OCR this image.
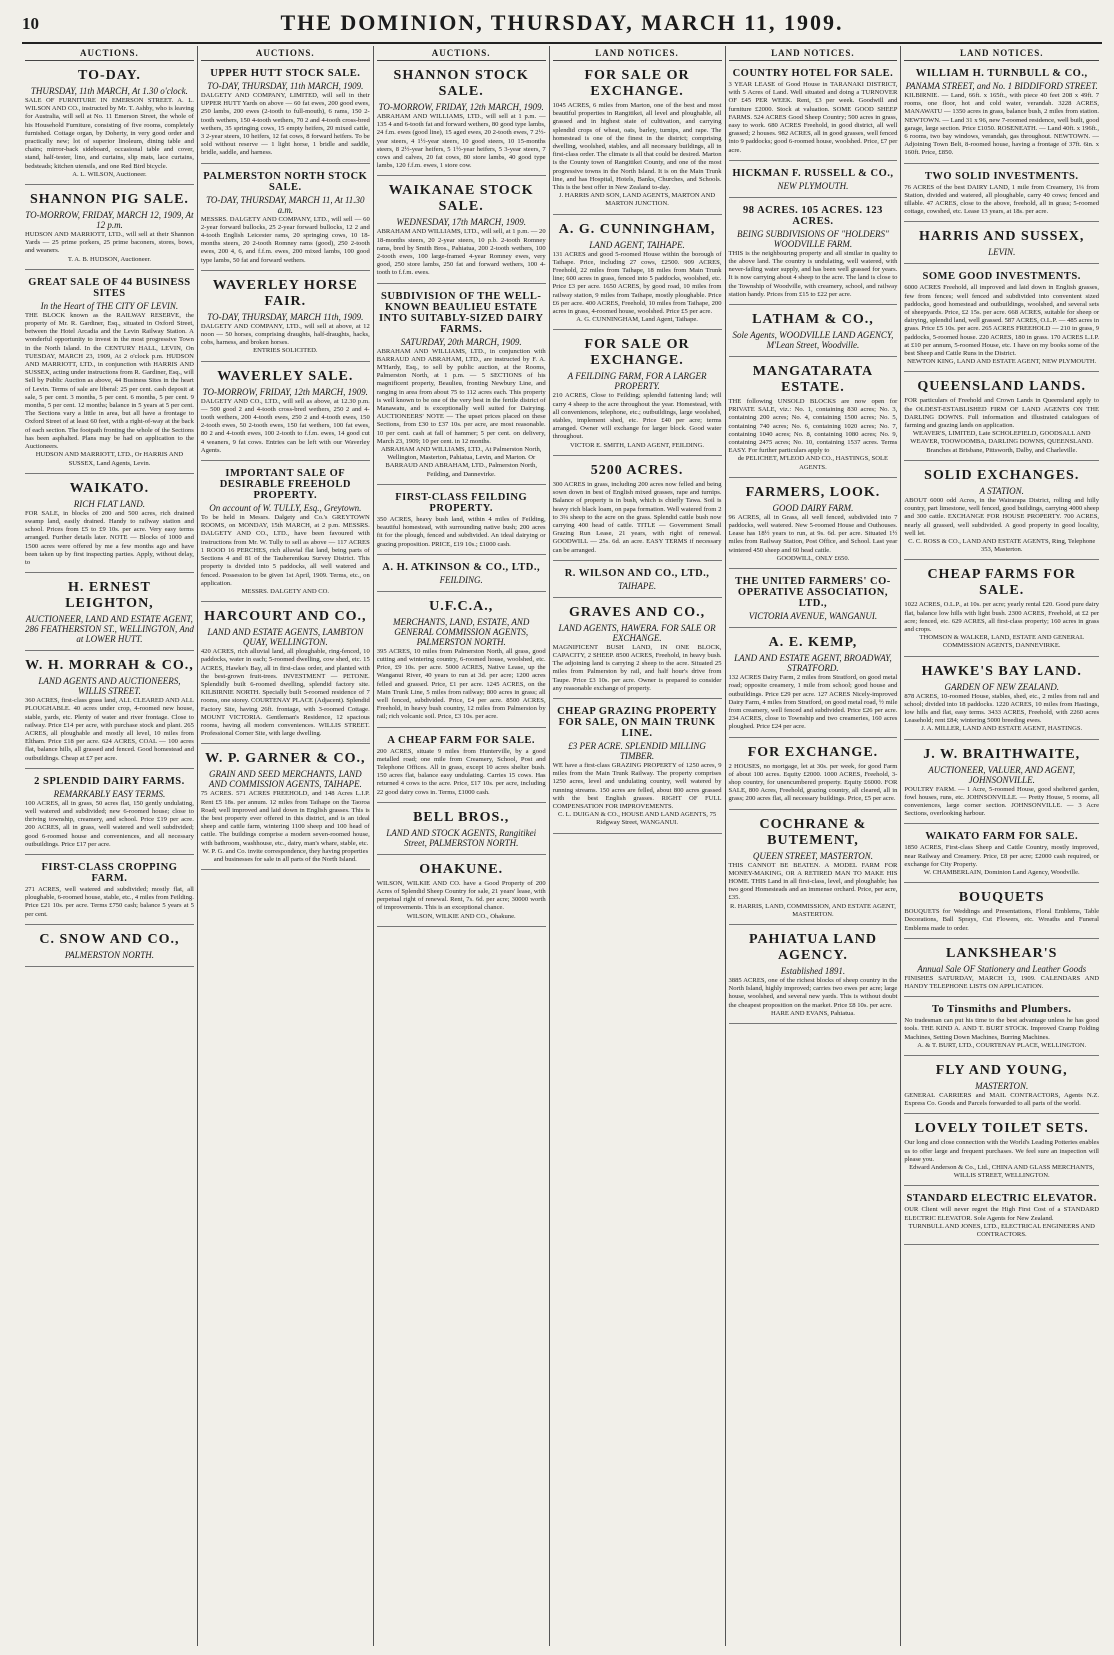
10	THE DOMINION, THURSDAY, MARCH 11, 1909.
AUCTIONS.
TO-DAY.
THURSDAY, 11th MARCH, At 1.30 o'clock.

SALE OF FURNITURE IN EMERSON STREET. A. L. WILSON AND CO., instructed by Mr. T. Ashby, who is leaving for Australia, will sell at No. 11 Emerson Street, the whole of his Household Furniture, consisting of five rooms, completely furnished. Cottage organ, by Doherty, in very good order and practically new; lot of superior linoleum, dining table and chairs; mirror-back sideboard, occasional table and cover, stand, half-tester, lino, and curtains, slip mats, lace curtains, bedsteads; kitchen utensils, and one Red Bird bicycle.

A. L. WILSON, Auctioneer.

SHANNON PIG SALE.
TO-MORROW, FRIDAY, MARCH 12, 1909, At 12 p.m.

HUDSON AND MARRIOTT, LTD., will sell at their Shannon Yards — 25 prime porkers, 25 prime baconers, stores, bows, and weaners.

T. A. B. HUDSON, Auctioneer.

GREAT SALE OF 44 BUSINESS SITES
In the Heart of THE CITY OF LEVIN.

THE BLOCK known as the RAILWAY RESERVE, the property of Mr. R. Gardiner, Esq., situated in Oxford Street, between the Hotel Arcadia and the Levin Railway Station. A wonderful opportunity to invest in the most progressive Town in the North Island. In the CENTURY HALL, LEVIN, On TUESDAY, MARCH 23, 1909, At 2 o'clock p.m. HUDSON AND MARRIOTT, LTD., in conjunction with HARRIS AND SUSSEX, acting under instructions from R. Gardiner, Esq., will Sell by Public Auction as above, 44 Business Sites in the heart of Levin. Terms of sale are liberal: 25 per cent. cash deposit at sale, 5 per cent. 3 months, 5 per cent. 6 months, 5 per cent. 9 months, 5 per cent. 12 months; balance in 5 years at 5 per cent. The Sections vary a little in area, but all have a frontage to Oxford Street of at least 60 feet, with a right-of-way at the back of each section. The footpath fronting the whole of the Sections has been asphalted. Plans may be had on application to the Auctioneers.

HUDSON AND MARRIOTT, LTD., Or HARRIS AND SUSSEX, Land Agents, Levin.

WAIKATO.
RICH FLAT LAND.

FOR SALE, in blocks of 200 and 500 acres, rich drained swamp land, easily drained. Handy to railway station and school. Prices from £5 to £9 10s. per acre. Very easy terms arranged. Further details later. NOTE — Blocks of 1000 and 1500 acres were offered by me a few months ago and have been taken up by first inspecting parties. Apply, without delay, to

H. ERNEST LEIGHTON,
AUCTIONEER, LAND AND ESTATE AGENT, 286 FEATHERSTON ST., WELLINGTON, And at LOWER HUTT.
W. H. MORRAH & CO.,
LAND AGENTS AND AUCTIONEERS, WILLIS STREET.

360 ACRES, first-class grass land, ALL CLEARED AND ALL PLOUGHABLE. 40 acres under crop, 4-roomed new house, stable, yards, etc. Plenty of water and river frontage. Close to railway. Price £14 per acre, with purchase stock and plant. 265 ACRES, all ploughable and mostly all level, 10 miles from Eltham. Price £18 per acre. 624 ACRES, COAL — 100 acres flat, balance hills, all grassed and fenced. Good homestead and outbuildings. Cheap at £7 per acre.

2 SPLENDID DAIRY FARMS.
REMARKABLY EASY TERMS.

100 ACRES, all in grass, 50 acres flat, 150 gently undulating, well watered and subdivided; new 6-roomed house; close to thriving township, creamery, and school. Price £19 per acre. 200 ACRES, all in grass, well watered and well subdivided; good 6-roomed house and conveniences, and all necessary outbuildings. Price £17 per acre.

FIRST-CLASS CROPPING FARM.

271 ACRES, well watered and subdivided; mostly flat, all ploughable, 6-roomed house, stable, etc., 4 miles from Feilding. Price £21 10s. per acre. Terms £750 cash; balance 5 years at 5 per cent.

C. SNOW AND CO.,
PALMERSTON NORTH.
AUCTIONS.
UPPER HUTT STOCK SALE.
TO-DAY, THURSDAY, 11th MARCH, 1909.

DALGETY AND COMPANY, LIMITED, will sell in their UPPER HUTT Yards on above — 60 fat ewes, 200 good ewes, 250 lambs, 200 ewes (2-tooth to full-mouth), 6 rams, 150 2-tooth wethers, 150 4-tooth wethers, 70 2 and 4-tooth cross-bred wethers, 35 springing cows, 15 empty heifers, 20 mixed cattle, 3 2-year steers, 10 heifers, 12 fat cows, 8 forward heifers. To be sold without reserve — 1 light horse, 1 bridle and saddle, bridle, saddle, and harness.

PALMERSTON NORTH STOCK SALE.
TO-DAY, THURSDAY, MARCH 11, At 11.30 a.m.

MESSRS. DALGETY AND COMPANY, LTD., will sell — 60 2-year forward bullocks, 25 2-year forward bullocks, 12 2 and 4-tooth English Leicester rams, 20 springing cows, 10 18-months steers, 20 2-tooth Romney rams (good), 250 2-tooth ewes, 200 4, 6, and f.f.m. ewes, 200 mixed lambs, 100 good type lambs, 50 fat and forward wethers.

WAVERLEY HORSE FAIR.
TO-DAY, THURSDAY, MARCH 11th, 1909.

DALGETY AND COMPANY, LTD., will sell at above, at 12 noon — 50 horses, comprising draughts, half-draughts, hacks, cobs, harness, and broken horses.

ENTRIES SOLICITED.

WAVERLEY SALE.
TO-MORROW, FRIDAY, 12th MARCH, 1909.

DALGETY AND CO., LTD., will sell as above, at 12.30 p.m. — 500 good 2 and 4-tooth cross-bred wethers, 250 2 and 4-tooth wethers, 200 4-tooth ewes, 250 2 and 4-tooth ewes, 150 2-tooth ewes, 50 2-tooth ewes, 150 fat wethers, 100 fat ewes, 80 2 and 4-tooth ewes, 100 2-tooth to f.f.m. ewes, 14 good cut 4 weaners, 9 fat cows. Entries can be left with our Waverley Agents.

IMPORTANT SALE OF DESIRABLE FREEHOLD PROPERTY.
On account of W. TULLY, Esq., Greytown.

To be held in Messrs. Dalgety and Co.'s GREYTOWN ROOMS, on MONDAY, 15th MARCH, at 2 p.m. MESSRS. DALGETY AND CO., LTD., have been favoured with instructions from Mr. W. Tully to sell as above — 117 ACRES 1 ROOD 16 PERCHES, rich alluvial flat land, being parts of Sections 4 and 81 of the Tauherenikau Survey District. This property is divided into 5 paddocks, all well watered and fenced. Possession to be given 1st April, 1909. Terms, etc., on application.

MESSRS. DALGETY AND CO.

HARCOURT AND CO.,
LAND AND ESTATE AGENTS, LAMBTON QUAY, WELLINGTON.

420 ACRES, rich alluvial land, all ploughable, ring-fenced, 10 paddocks, water in each; 5-roomed dwelling, cow shed, etc. 15 ACRES, Hawke's Bay, all in first-class order, and planted with the best-grown fruit-trees. INVESTMENT — PETONE. Splendidly built 6-roomed dwelling, splendid factory site. KILBIRNIE NORTH. Specially built 5-roomed residence of 7 rooms, one storey. COURTENAY PLACE (Adjacent). Splendid Factory Site, having 26ft. frontage, with 3-roomed Cottage. MOUNT VICTORIA. Gentleman's Residence, 12 spacious rooms, having all modern conveniences. WILLIS STREET. Professional Corner Site, with large dwelling.

W. P. GARNER & CO.,
GRAIN AND SEED MERCHANTS, LAND AND COMMISSION AGENTS, TAIHAPE.

75 ACRES. 571 ACRES FREEHOLD, and 148 Acres L.I.P. Rent £5 18s. per annum. 12 miles from Taihape on the Taoroa Road; well improved and laid down in English grasses. This is the best property ever offered in this district, and is an ideal sheep and cattle farm, wintering 1100 sheep and 100 head of cattle. The buildings comprise a modern seven-roomed house, with bathroom, washhouse, etc., dairy, man's whare, stable, etc.

W. P. G. and Co. invite correspondence, they having properties and businesses for sale in all parts of the North Island.

AUCTIONS.
SHANNON STOCK SALE.
TO-MORROW, FRIDAY, 12th MARCH, 1909.

ABRAHAM AND WILLIAMS, LTD., will sell at 1 p.m. — 135 4 and 6-tooth fat and forward wethers, 80 good type lambs, 24 f.m. ewes (good line), 15 aged ewes, 20 2-tooth ewes, 7 2½-year steers, 4 1½-year steers, 10 good steers, 10 15-months steers, 8 2½-year heifers, 5 1½-year heifers, 5 3-year steers, 7 cows and calves, 20 fat cows, 80 store lambs, 40 good type lambs, 120 f.f.m. ewes, 1 store cow.

WAIKANAE STOCK SALE.
WEDNESDAY, 17th MARCH, 1909.

ABRAHAM AND WILLIAMS, LTD., will sell, at 1 p.m. — 20 18-months steers, 20 2-year steers, 10 p.b. 2-tooth Romney rams, bred by Smith Bros., Pahiatua, 200 2-tooth wethers, 100 2-tooth ewes, 100 large-framed 4-year Romney ewes, very good, 250 store lambs, 250 fat and forward wethers, 100 4-tooth to f.f.m. ewes.

SUBDIVISION OF THE WELL-KNOWN BEAULIEU ESTATE INTO SUITABLY-SIZED DAIRY FARMS.
SATURDAY, 20th MARCH, 1909.

ABRAHAM AND WILLIAMS, LTD., in conjunction with BARRAUD AND ABRAHAM, LTD., are instructed by F. A. M'Hardy, Esq., to sell by public auction, at the Rooms, Palmerston North, at 1 p.m. — 5 SECTIONS of his magnificent property, Beaulieu, fronting Newbury Line, and ranging in area from about 75 to 112 acres each. This property is well known to be one of the very best in the fertile district of Manawatu, and is exceptionally well suited for Dairying. AUCTIONEERS' NOTE — The upset prices placed on these Sections, from £30 to £37 10s. per acre, are most reasonable. 10 per cent. cash at fall of hammer; 5 per cent. on delivery, March 23, 1909; 10 per cent. in 12 months.

ABRAHAM AND WILLIAMS, LTD., At Palmerston North, Wellington, Masterton, Pahiatua, Levin, and Marton. Or BARRAUD AND ABRAHAM, LTD., Palmerston North, Feilding, and Dannevirke.

FIRST-CLASS FEILDING PROPERTY.

350 ACRES, heavy bush land, within 4 miles of Feilding, beautiful homestead, with surrounding native bush; 200 acres fit for the plough, fenced and subdivided. An ideal dairying or grazing proposition. PRICE, £19 10s.; £1000 cash.

A. H. ATKINSON & CO., LTD.,
FEILDING.
U.F.C.A.,
MERCHANTS, LAND, ESTATE, AND GENERAL COMMISSION AGENTS, PALMERSTON NORTH.

395 ACRES, 10 miles from Palmerston North, all grass, good cutting and wintering country, 6-roomed house, woolshed, etc. Price, £9 10s. per acre. 5000 ACRES, Native Lease, up the Wanganui River, 40 years to run at 3d. per acre; 1200 acres felled and grassed. Price, £1 per acre. 1245 ACRES, on the Main Trunk Line, 5 miles from railway; 800 acres in grass; all well fenced, subdivided. Price, £4 per acre. 8500 ACRES, Freehold, in heavy bush country, 12 miles from Palmerston by rail; rich volcanic soil. Price, £3 10s. per acre.

A CHEAP FARM FOR SALE.

200 ACRES, situate 9 miles from Hunterville, by a good metalled road; one mile from Creamery, School, Post and Telephone Offices. All in grass, except 10 acres shelter bush. 150 acres flat, balance easy undulating. Carries 15 cows. Has returned 4 cows to the acre. Price, £17 10s. per acre, including 22 good dairy cows in. Terms, £1000 cash.

BELL BROS.,
LAND AND STOCK AGENTS, Rangitikei Street, PALMERSTON NORTH.
OHAKUNE.

WILSON, WILKIE AND CO. have a Good Property of 200 Acres of Splendid Sheep Country for sale, 21 years' lease, with perpetual right of renewal. Rent, 7s. 6d. per acre; 30000 worth of improvements. This is an exceptional chance.

WILSON, WILKIE AND CO., Ohakune.

LAND NOTICES.
FOR SALE OR EXCHANGE.

1045 ACRES, 6 miles from Marton, one of the best and most beautiful properties in Rangitikei, all level and ploughable, all grassed and in highest state of cultivation, and carrying splendid crops of wheat, oats, barley, turnips, and rape. The homestead is one of the finest in the district; comprising dwelling, woolshed, stables, and all necessary buildings, all in first-class order. The climate is all that could be desired. Marton is the County town of Rangitikei County, and one of the most progressive towns in the North Island. It is on the Main Trunk line, and has Hospital, Hotels, Banks, Churches, and Schools. This is the best offer in New Zealand to-day.

J. HARRIS AND SON, LAND AGENTS, MARTON AND MARTON JUNCTION.

A. G. CUNNINGHAM,
LAND AGENT, TAIHAPE.

131 ACRES and good 5-roomed House within the borough of Taihape. Price, including 27 cows, £2500. 909 ACRES, Freehold, 22 miles from Taihape, 18 miles from Main Trunk line; 600 acres in grass, fenced into 5 paddocks, woolshed, etc. Price £3 per acre. 1650 ACRES, by good road, 10 miles from railway station, 9 miles from Taihape, mostly ploughable. Price £6 per acre. 400 ACRES, Freehold, 10 miles from Taihape, 200 acres in grass, 4-roomed house, woolshed. Price £5 per acre.

A. G. CUNNINGHAM, Land Agent, Taihape.

FOR SALE OR EXCHANGE.
A FEILDING FARM, FOR A LARGER PROPERTY.

210 ACRES, Close to Feilding; splendid fattening land; will carry 4 sheep to the acre throughout the year. Homestead, with all conveniences, telephone, etc.; outbuildings, large woolshed, stables, implement shed, etc. Price £40 per acre; terms arranged. Owner will exchange for larger block. Good water throughout.

VICTOR E. SMITH, LAND AGENT, FEILDING.

5200 ACRES.

300 ACRES in grass, including 200 acres now felled and being sown down in best of English mixed grasses, rape and turnips. Balance of property is in bush, which is chiefly Tawa. Soil is heavy rich black loam, on papa formation. Well watered from 2 to 3¼ sheep to the acre on the grass. Splendid cattle bush now carrying 400 head of cattle. TITLE — Government Small Grazing Run Lease, 21 years, with right of renewal. GOODWILL — 25s. 6d. an acre. EASY TERMS if necessary can be arranged.

R. WILSON AND CO., LTD.,
TAIHAPE.
GRAVES AND CO.,
LAND AGENTS, HAWERA. FOR SALE OR EXCHANGE.

MAGNIFICENT BUSH LAND, IN ONE BLOCK, CAPACITY, 2 SHEEP. 8500 ACRES, Freehold, in heavy bush. The adjoining land is carrying 2 sheep to the acre. Situated 25 miles from Palmerston by rail, and half hour's drive from Taupe. Price £3 10s. per acre. Owner is prepared to consider any reasonable exchange of property.

CHEAP GRAZING PROPERTY FOR SALE, ON MAIN TRUNK LINE.
£3 PER ACRE. SPLENDID MILLING TIMBER.

WE have a first-class GRAZING PROPERTY of 1250 acres, 9 miles from the Main Trunk Railway. The property comprises 1250 acres, level and undulating country, well watered by running streams. 150 acres are felled, about 800 acres grassed with the best English grasses. RIGHT OF FULL COMPENSATION FOR IMPROVEMENTS.

C. L. DUIGAN & CO., HOUSE AND LAND AGENTS, 75 Ridgway Street, WANGANUI.

LAND NOTICES.
COUNTRY HOTEL FOR SALE.

3 YEAR LEASE of Good House in TARANAKI DISTRICT, with 5 Acres of Land. Well situated and doing a TURNOVER OF £45 PER WEEK. Rent, £3 per week. Goodwill and furniture £2000. Stock at valuation. SOME GOOD SHEEP FARMS. 524 ACRES Good Sheep Country; 500 acres in grass, easy to work. 680 ACRES Freehold, in good district, all well grassed; 2 houses. 982 ACRES, all in good grasses, well fenced into 9 paddocks; good 6-roomed house, woolshed. Price, £7 per acre.

HICKMAN F. RUSSELL & CO.,
NEW PLYMOUTH.
98 ACRES. 105 ACRES. 123 ACRES.
BEING SUBDIVISIONS OF "HOLDERS" WOODVILLE FARM.

THIS is the neighbouring property and all similar in quality to the above land. The country is undulating, well watered, with never-failing water supply, and has been well grassed for years. It is now carrying about 4 sheep to the acre. The land is close to the Township of Woodville, with creamery, school, and railway station handy. Prices from £15 to £22 per acre.

LATHAM & CO.,
Sole Agents, WOODVILLE LAND AGENCY, M'Lean Street, Woodville.
MANGATARATA ESTATE.

THE following UNSOLD BLOCKS are now open for PRIVATE SALE, viz.: No. 1, containing 830 acres; No. 3, containing 200 acres; No. 4, containing 1500 acres; No. 5, containing 740 acres; No. 6, containing 1020 acres; No. 7, containing 1040 acres; No. 8, containing 1080 acres; No. 9, containing 2475 acres; No. 10, containing 1537 acres. Terms EASY. For further particulars apply to

de PELICHET, M'LEOD AND CO., HASTINGS, SOLE AGENTS.

FARMERS, LOOK.
GOOD DAIRY FARM.

96 ACRES, all in Grass, all well fenced, subdivided into 7 paddocks, well watered. New 5-roomed House and Outhouses. Lease has 18½ years to run, at 9s. 6d. per acre. Situated 1½ miles from Railway Station, Post Office, and School. Last year wintered 450 sheep and 60 head cattle.

GOODWILL, ONLY £650.

THE UNITED FARMERS' CO-OPERATIVE ASSOCIATION, LTD.,
VICTORIA AVENUE, WANGANUI.
A. E. KEMP,
LAND AND ESTATE AGENT, BROADWAY, STRATFORD.

132 ACRES Dairy Farm, 2 miles from Stratford, on good metal road; opposite creamery, 1 mile from school; good house and outbuildings. Price £29 per acre. 127 ACRES Nicely-improved Dairy Farm, 4 miles from Stratford, on good metal road, ½ mile from creamery, well fenced and subdivided. Price £26 per acre. 234 ACRES, close to Township and two creameries, 160 acres ploughed. Price £24 per acre.

FOR EXCHANGE.

2 HOUSES, no mortgage, let at 30s. per week, for good Farm of about 100 acres. Equity £2000. 1000 ACRES, Freehold, 3-shop country, for unencumbered property. Equity £6000. FOR SALE, 800 Acres, Freehold, grazing country, all cleared, all in grass; 200 acres flat, all necessary buildings. Price, £5 per acre.

COCHRANE & BUTEMENT,
QUEEN STREET, MASTERTON.

THIS CANNOT BE BEATEN. A MODEL FARM FOR MONEY-MAKING, OR A RETIRED MAN TO MAKE HIS HOME. THIS Land in all first-class, level, and ploughable; has two good Homesteads and an immense orchard. Price, per acre, £35.

R. HARRIS, LAND, COMMISSION, AND ESTATE AGENT, MASTERTON.

PAHIATUA LAND AGENCY.
Established 1891.

3885 ACRES, one of the richest blocks of sheep country in the North Island, highly improved; carries two ewes per acre; large house, woolshed, and several new yards. This is without doubt the cheapest proposition on the market. Price £8 10s. per acre.

HARE AND EVANS, Pahiatua.

LAND NOTICES.
WILLIAM H. TURNBULL & CO.,
PANAMA STREET, and No. 1 BIDDIFORD STREET.

KILBIRNIE. — Land, 66ft. x 165ft., with piece 40 feet 208 x 49ft. 7 rooms, one floor, hot and cold water, verandah. 3228 ACRES, MANAWATU — 1350 acres in grass, balance bush, 2 miles from station. NEWTOWN. — Land 31 x 96, new 7-roomed residence, well built, good garage, large section. Price £1050. ROSENEATH. — Land 40ft. x 196ft., 6 rooms, two bay windows, verandah, gas throughout. NEWTOWN. — Adjoining Town Belt, 8-roomed house, having a frontage of 37ft. 6in. x 160ft. Price, £850.

TWO SOLID INVESTMENTS.

76 ACRES of the best DAIRY LAND, 1 mile from Creamery, 1¼ from Station, divided and watered, all ploughable, carry 40 cows; fenced and tillable. 47 ACRES, close to the above, freehold, all in grass; 5-roomed cottage, cowshed, etc. Lease 13 years, at 18s. per acre.

HARRIS AND SUSSEX,
LEVIN.
SOME GOOD INVESTMENTS.

6000 ACRES Freehold, all improved and laid down in English grasses, few from fences; well fenced and subdivided into convenient sized paddocks, good homestead and outbuildings, woolshed, and several sets of sheepyards. Price, £2 15s. per acre. 668 ACRES, suitable for sheep or dairying, splendid land, well grassed. 587 ACRES, O.L.P. — 485 acres in grass. Price £5 10s. per acre. 265 ACRES FREEHOLD — 210 in grass, 9 paddocks, 5-roomed house. 220 ACRES, 180 in grass. 170 ACRES L.I.P. at £10 per annum, 5-roomed House, etc. I have on my books some of the best Sheep and Cattle Runs in the District.

NEWTON KING, LAND AND ESTATE AGENT, NEW PLYMOUTH.

QUEENSLAND LANDS.

FOR particulars of Freehold and Crown Lands in Queensland apply to the OLDEST-ESTABLISHED FIRM OF LAND AGENTS ON THE DARLING DOWNS. Full information and illustrated catalogues of farming and grazing lands on application.

WEAVER'S, LIMITED, Late SCHOLEFIELD, GOODSALL AND WEAVER, TOOWOOMBA, DARLING DOWNS, QUEENSLAND. Branches at Brisbane, Pittsworth, Dalby, and Charleville.

SOLID EXCHANGES.
A STATION.

ABOUT 6000 odd Acres, in the Wairarapa District, rolling and hilly country, part limestone, well fenced, good buildings, carrying 4000 sheep and 300 cattle. EXCHANGE FOR HOUSE PROPERTY. 700 ACRES, nearly all grassed, well subdivided. A good property in good locality, well let.

C. C. ROSS & CO., LAND AND ESTATE AGENTS, Ring, Telephone 353, Masterton.

CHEAP FARMS FOR SALE.

1022 ACRES, O.L.P., at 10s. per acre; yearly rental £20. Good pure dairy flat, balance low hills with light bush. 2300 ACRES, Freehold, at £2 per acre; fenced, etc. 629 ACRES, all first-class property; 160 acres in grass and crops.

THOMSON & WALKER, LAND, ESTATE AND GENERAL COMMISSION AGENTS, DANNEVIRKE.

HAWKE'S BAY LAND.
GARDEN OF NEW ZEALAND.

878 ACRES, 10-roomed House, stables, shed, etc., 2 miles from rail and school; divided into 18 paddocks. 1220 ACRES, 10 miles from Hastings, low hills and flat, easy terms. 3433 ACRES, Freehold, with 2260 acres Leasehold; rent £84; wintering 5000 breeding ewes.

J. A. MILLER, LAND AND ESTATE AGENT, HASTINGS.

J. W. BRAITHWAITE,
AUCTIONEER, VALUER, AND AGENT, JOHNSONVILLE.

POULTRY FARM. — 1 Acre, 5-roomed House, good sheltered garden, fowl houses, runs, etc. JOHNSONVILLE. — Pretty House, 5 rooms, all conveniences, large corner section. JOHNSONVILLE. — 3 Acre Sections, overlooking harbour.

WAIKATO FARM FOR SALE.

1850 ACRES, First-class Sheep and Cattle Country, mostly improved, near Railway and Creamery. Price, £8 per acre; £2000 cash required, or exchange for City Property.

W. CHAMBERLAIN, Dominion Land Agency, Woodville.

BOUQUETS

BOUQUETS for Weddings and Presentations, Floral Emblems, Table Decorations, Ball Sprays, Cut Flowers, etc. Wreaths and Funeral Emblems made to order.

LANKSHEAR'S
Annual Sale OF Stationery and Leather Goods

FINISHES SATURDAY, MARCH 13, 1909. CALENDARS AND HANDY TELEPHONE LISTS ON APPLICATION.

To Tinsmiths and Plumbers.

No tradesman can put his time to the best advantage unless he has good tools. THE KIND A. AND T. BURT STOCK. Improved Cramp Folding Machines, Setting Down Machines, Burring Machines.

A. & T. BURT, LTD., COURTENAY PLACE, WELLINGTON.

FLY AND YOUNG,
MASTERTON.

GENERAL CARRIERS and MAIL CONTRACTORS, Agents N.Z. Express Co. Goods and Parcels forwarded to all parts of the world.

LOVELY TOILET SETS.

Our long and close connection with the World's Leading Potteries enables us to offer large and frequent purchases. We feel sure an inspection will please you.

Edward Anderson & Co., Ltd., CHINA AND GLASS MERCHANTS, WILLIS STREET, WELLINGTON.

STANDARD ELECTRIC ELEVATOR.

OUR Client will never regret the High First Cost of a STANDARD ELECTRIC ELEVATOR. Sole Agents for New Zealand.

TURNBULL AND JONES, LTD., ELECTRICAL ENGINEERS AND CONTRACTORS.
